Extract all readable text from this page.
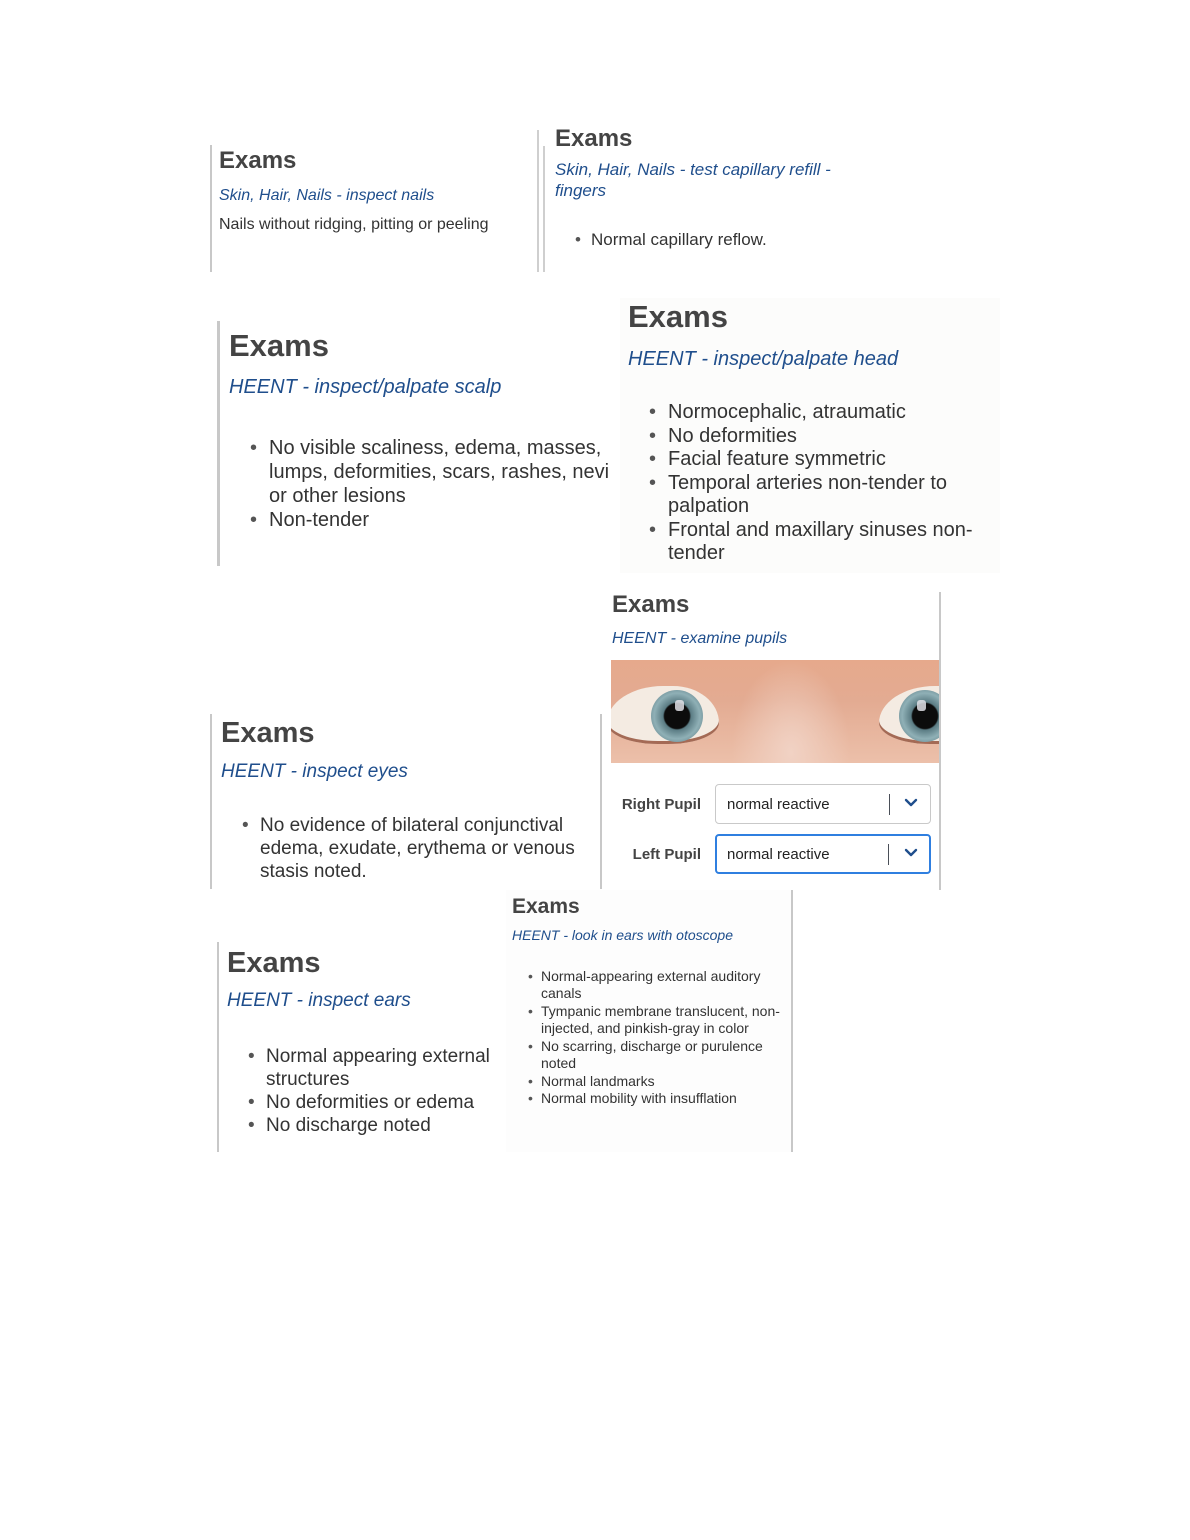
Exams
Skin, Hair, Nails - inspect nails
Nails without ridging, pitting or peeling
Exams
Skin, Hair, Nails - test capillary refill - fingers
• Normal capillary reflow.
Exams
HEENT - inspect/palpate scalp
• No visible scaliness, edema, masses, lumps, deformities, scars, rashes, nevi or other lesions
• Non-tender
Exams
HEENT - inspect/palpate head
• Normocephalic, atraumatic
• No deformities
• Facial feature symmetric
• Temporal arteries non-tender to palpation
• Frontal and maxillary sinuses non-tender
Exams
HEENT - inspect eyes
• No evidence of bilateral conjunctival edema, exudate, erythema or venous stasis noted.
Exams
HEENT - examine pupils
Right Pupil normal reactive
Left Pupil normal reactive
Exams
HEENT - inspect ears
• Normal appearing external structures
• No deformities or edema
• No discharge noted
Exams
HEENT - look in ears with otoscope
• Normal-appearing external auditory canals
• Tympanic membrane translucent, non-injected, and pinkish-gray in color
• No scarring, discharge or purulence noted
• Normal landmarks
• Normal mobility with insufflation
